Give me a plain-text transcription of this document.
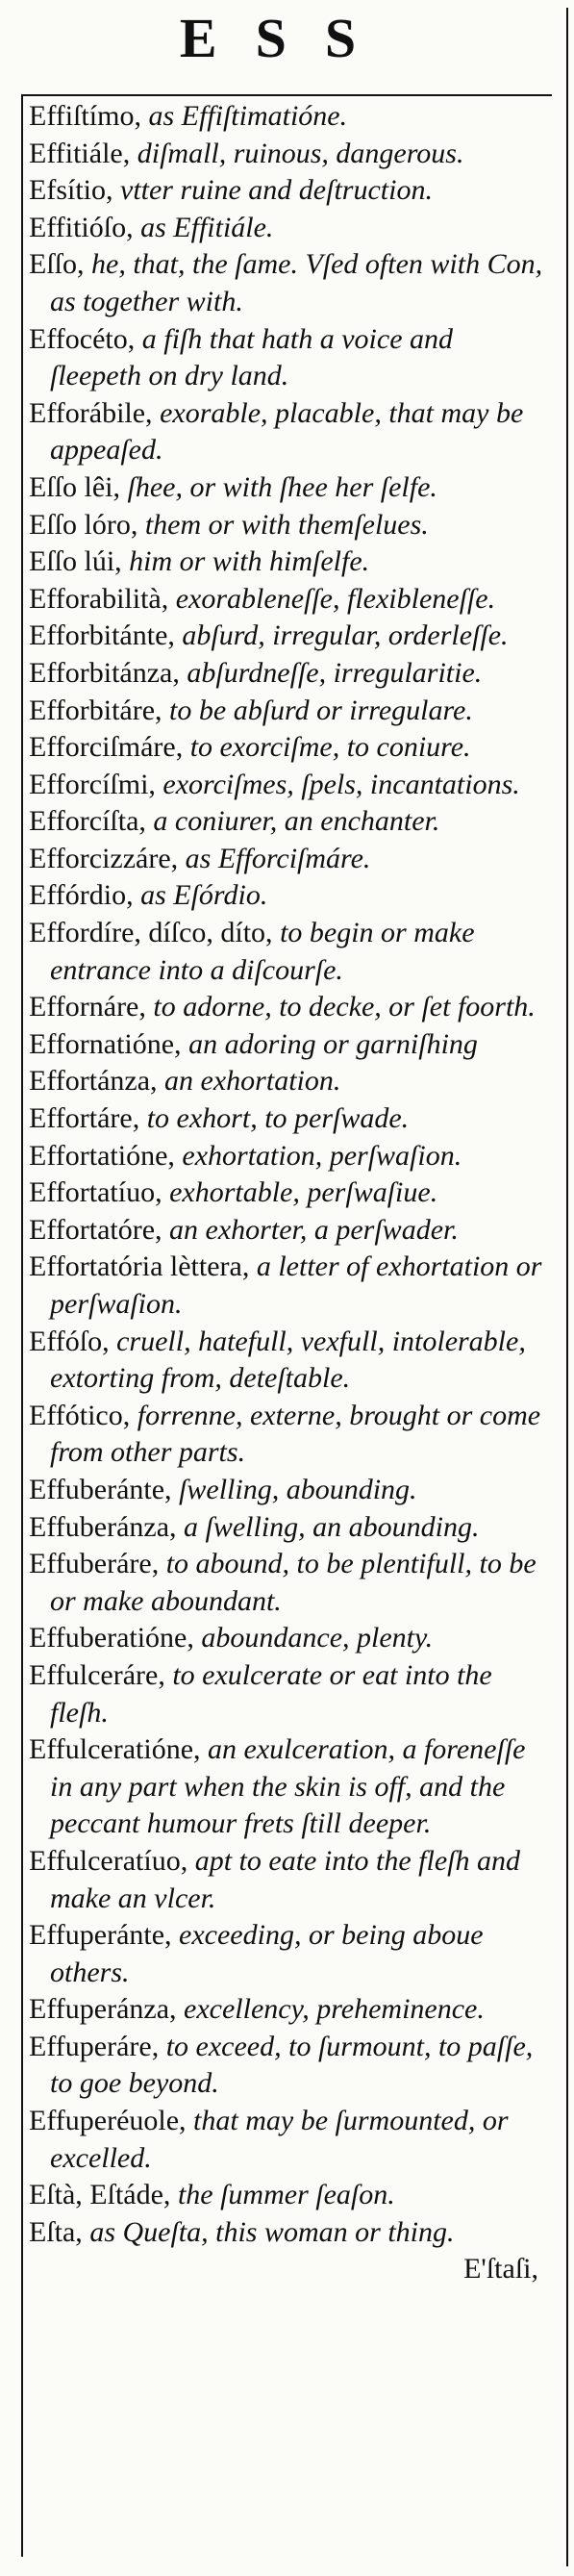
ESS

Effiſtímo, as Effiſtimatióne.

Effitiále, diſmall, ruinous, dangerous.

Efsítio, vtter ruine and deſtruction.

Effitióſo, as Effitiále.

Eſſo, he, that, the ſame. Vſed often with Con, as together with.

Effocéto, a fiſh that hath a voice and ſleepeth on dry land.

Efforábile, exorable, placable, that may be appeaſed.

Eſſo lêi, ſhee, or with ſhee her ſelfe.

Eſſo lóro, them or with themſelues.

Eſſo lúi, him or with himſelfe.

Efforabilità, exorableneſſe, flexibleneſſe.

Efforbitánte, abſurd, irregular, orderleſſe.

Efforbitánza, abſurdneſſe, irregularitie.

Efforbitáre, to be abſurd or irregulare.

Efforciſmáre, to exorciſme, to coniure.

Efforcíſmi, exorciſmes, ſpels, incantations.

Efforcíſta, a coniurer, an enchanter.

Efforcizzáre, as Efforciſmáre.

Effórdio, as Eſórdio.

Effordíre, díſco, díto, to begin or make entrance into a diſcourſe.

Effornáre, to adorne, to decke, or ſet foorth.

Effornatióne, an adoring or garniſhing

Effortánza, an exhortation.

Effortáre, to exhort, to perſwade.

Effortatióne, exhortation, perſwaſion.

Effortatíuo, exhortable, perſwaſiue.

Effortatóre, an exhorter, a perſwader.

Effortatória lèttera, a letter of exhortation or perſwaſion.

Effóſo, cruell, hatefull, vexfull, intolerable, extorting from, deteſtable.

Effótico, forrenne, externe, brought or come from other parts.

Effuberánte, ſwelling, abounding.

Effuberánza, a ſwelling, an abounding.

Effuberáre, to abound, to be plentifull, to be or make aboundant.

Effuberatióne, aboundance, plenty.

Effulceráre, to exulcerate or eat into the fleſh.

Effulceratióne, an exulceration, a foreneſſe in any part when the skin is off, and the peccant humour frets ſtill deeper.

Effulceratíuo, apt to eate into the fleſh and make an vlcer.

Effuperánte, exceeding, or being aboue others.

Effuperánza, excellency, preheminence.

Effuperáre, to exceed, to ſurmount, to paſſe, to goe beyond.

Effuperéuole, that may be ſurmounted, or excelled.

Eſtà, Eſtáde, the ſummer ſeaſon.

Eſta, as Queſta, this woman or thing.

E'ſtaſi,
